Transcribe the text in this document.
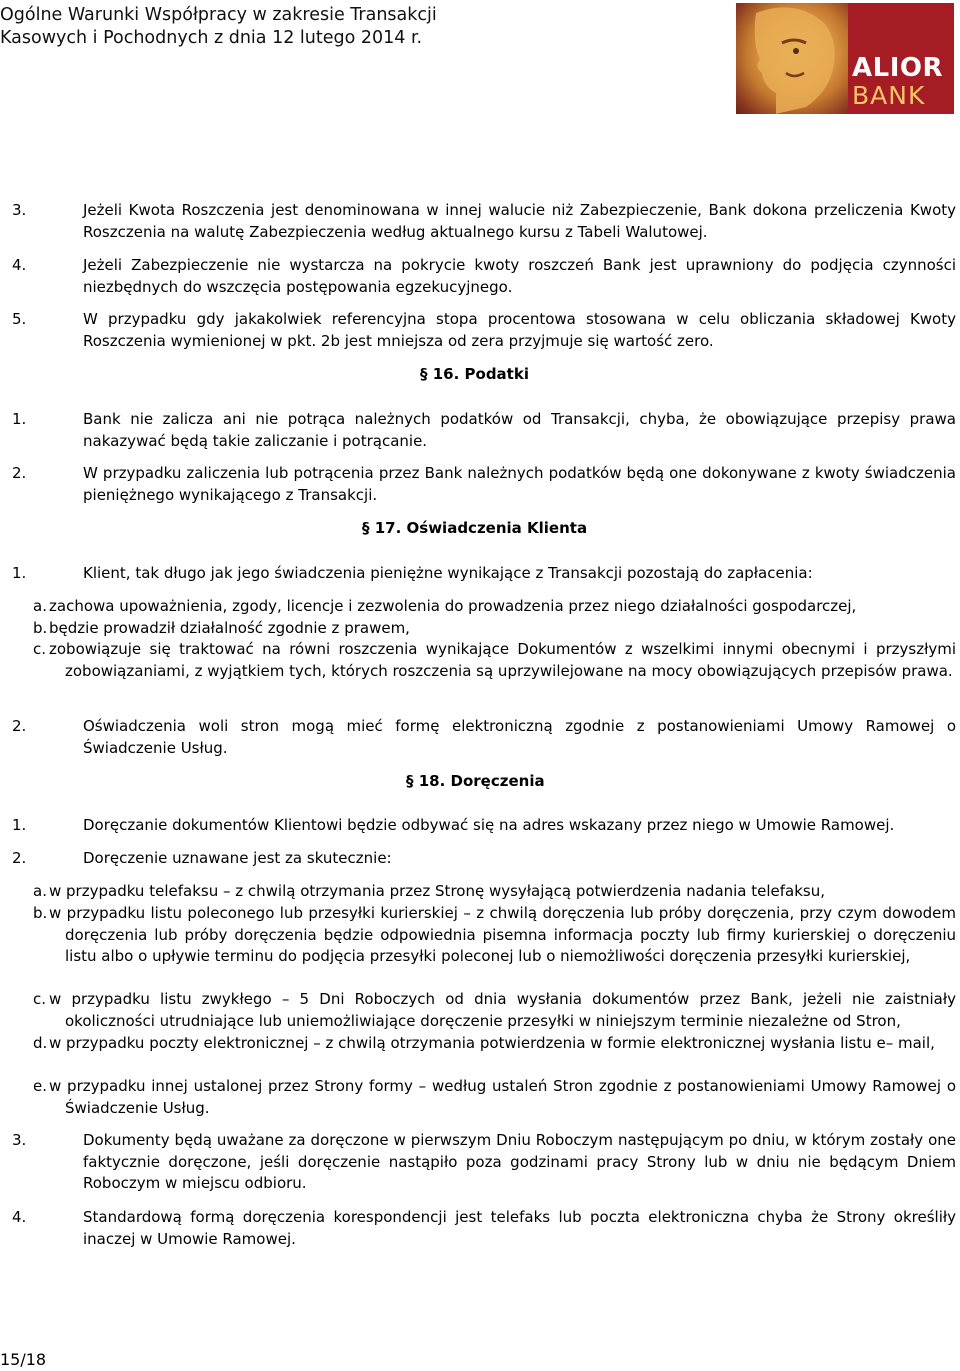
Ogólne Warunki Współpracy w zakresie Transakcji
Kasowych i Pochodnych z dnia 12 lutego 2014 r.
ALIOR
BANK
3.	Jeżeli Kwota Roszczenia jest denominowana w innej walucie niż Zabezpieczenie, Bank dokona przeliczenia Kwoty Roszczenia na walutę Zabezpieczenia według aktualnego kursu z Tabeli Walutowej.
4.	Jeżeli Zabezpieczenie nie wystarcza na pokrycie kwoty roszczeń Bank jest uprawniony do podjęcia czynności niezbędnych do wszczęcia postępowania egzekucyjnego.
5.	W przypadku gdy jakakolwiek referencyjna stopa procentowa stosowana w celu obliczania składowej Kwoty Roszczenia wymienionej w pkt. 2b jest mniejsza od zera przyjmuje się wartość zero.
§ 16. Podatki
1.	Bank nie zalicza ani nie potrąca należnych podatków od Transakcji, chyba, że obowiązujące przepisy prawa nakazywać będą takie zaliczanie i potrącanie.
2.	W przypadku zaliczenia lub potrącenia przez Bank należnych podatków będą one dokonywane z kwoty świadczenia pieniężnego wynikającego z Transakcji.
§ 17. Oświadczenia Klienta
1.	Klient, tak długo jak jego świadczenia pieniężne wynikające z Transakcji pozostają do zapłacenia:
a. zachowa upoważnienia, zgody, licencje i zezwolenia do prowadzenia przez niego działalności gospodarczej,
b. będzie prowadził działalność zgodnie z prawem,
c. zobowiązuje się traktować na równi roszczenia wynikające Dokumentów z wszelkimi innymi obecnymi i przyszłymi zobowiązaniami, z wyjątkiem tych, których roszczenia są uprzywilejowane na mocy obowiązujących przepisów prawa.
2.	Oświadczenia woli stron mogą mieć formę elektroniczną zgodnie z postanowieniami Umowy Ramowej o Świadczenie Usług.
§ 18. Doręczenia
1.	Doręczanie dokumentów Klientowi będzie odbywać się na adres wskazany przez niego w Umowie Ramowej.
2.	Doręczenie uznawane jest za skutecznie:
a. w przypadku telefaksu – z chwilą otrzymania przez Stronę wysyłającą potwierdzenia nadania telefaksu,
b. w przypadku listu poleconego lub przesyłki kurierskiej – z chwilą doręczenia lub próby doręczenia, przy czym dowodem doręczenia lub próby doręczenia będzie odpowiednia pisemna informacja poczty lub firmy kurierskiej o doręczeniu listu albo o upływie terminu do podjęcia przesyłki poleconej lub o niemożliwości doręczenia przesyłki kurierskiej,
c. w przypadku listu zwykłego – 5 Dni Roboczych od dnia wysłania dokumentów przez Bank, jeżeli nie zaistniały okoliczności utrudniające lub uniemożliwiające doręczenie przesyłki w niniejszym terminie niezależne od Stron,
d. w przypadku poczty elektronicznej – z chwilą otrzymania potwierdzenia w formie elektronicznej wysłania listu e– mail,
e. w przypadku innej ustalonej przez Strony formy – według ustaleń Stron zgodnie z postanowieniami Umowy Ramowej o Świadczenie Usług.
3.	Dokumenty będą uważane za doręczone w pierwszym Dniu Roboczym następującym po dniu, w którym zostały one faktycznie doręczone, jeśli doręczenie nastąpiło poza godzinami pracy Strony lub w dniu nie będącym Dniem Roboczym w miejscu odbioru.
4.	Standardową formą doręczenia korespondencji jest telefaks lub poczta elektroniczna chyba że Strony określiły inaczej w Umowie Ramowej.
15/18
